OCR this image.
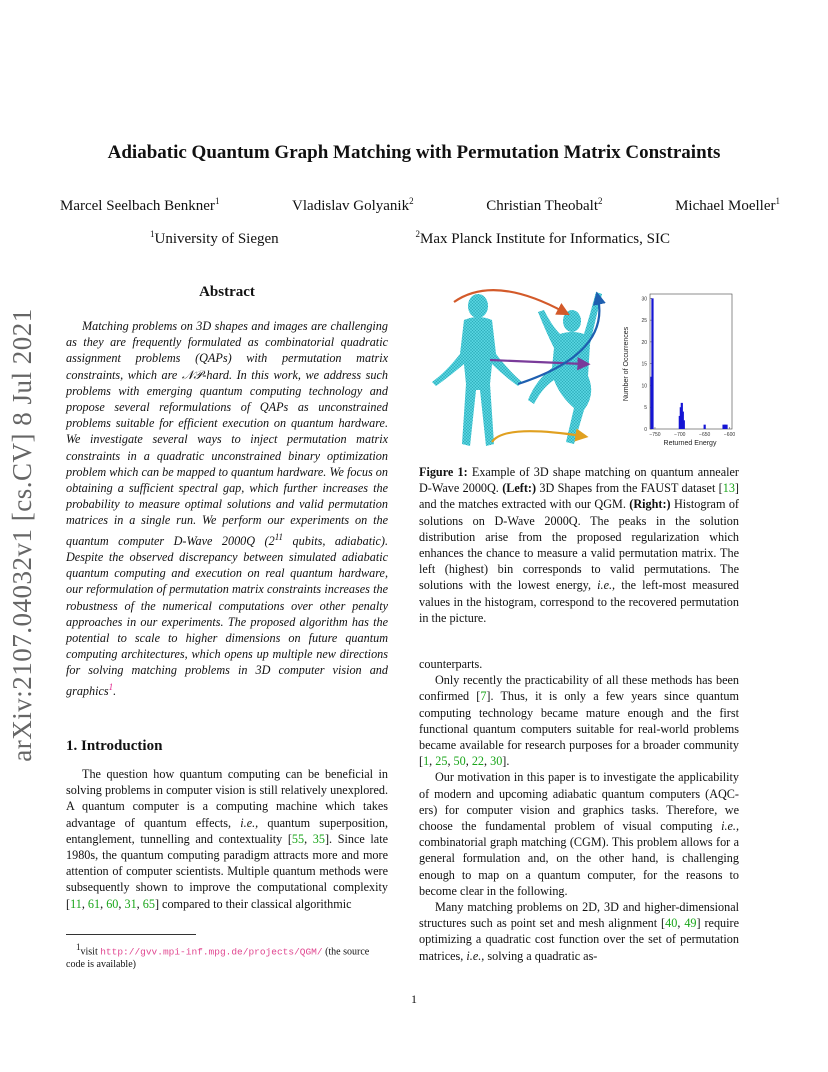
arXiv:2107.04032v1 [cs.CV] 8 Jul 2021
Adiabatic Quantum Graph Matching with Permutation Matrix Constraints
Marcel Seelbach Benkner$^1$	Vladislav Golyanik$^2$	Christian Theobalt$^2$	Michael Moeller$^1$
$^1$University of Siegen	$^2$Max Planck Institute for Informatics, SIC
Abstract

Matching problems on 3D shapes and images are challenging as they are frequently formulated as combinatorial quadratic assignment problems (QAPs) with permutation matrix constraints, which are 𝒩𝒫-hard. In this work, we address such problems with emerging quantum computing technology and propose several reformulations of QAPs as unconstrained problems suitable for efficient execution on quantum hardware. We investigate several ways to inject permutation matrix constraints in a quadratic unconstrained binary optimization problem which can be mapped to quantum hardware. We focus on obtaining a sufficient spectral gap, which further increases the probability to measure optimal solutions and valid permutation matrices in a single run. We perform our experiments on the quantum computer D-Wave 2000Q ($2^{11}$ qubits, adiabatic). Despite the observed discrepancy between simulated adiabatic quantum computing and execution on real quantum hardware, our reformulation of permutation matrix constraints increases the robustness of the numerical computations over other penalty approaches in our experiments. The proposed algorithm has the potential to scale to higher dimensions on future quantum computing architectures, which opens up multiple new directions for solving matching problems in 3D computer vision and graphics$^1$.

1. Introduction

The question how quantum computing can be beneficial in solving problems in computer vision is still relatively unexplored. A quantum computer is a computing machine which takes advantage of quantum effects, i.e., quantum superposition, entanglement, tunnelling and contextuality [55, 35]. Since late 1980s, the quantum computing paradigm attracts more and more attention of computer scientists. Multiple quantum methods were subsequently shown to improve the computational complexity [11, 61, 60, 31, 65] compared to their classical algorithmic

$^1$visit http://gvv.mpi-inf.mpg.de/projects/QGM/ (the source code is available)
Number of Occurrences
Returned Energy
0
5
10
15
20
25
30
−750	−700	−650	−600
Figure 1: Example of 3D shape matching on quantum annealer D-Wave 2000Q. (Left:) 3D Shapes from the FAUST dataset [13] and the matches extracted with our QGM. (Right:) Histogram of solutions on D-Wave 2000Q. The peaks in the solution distribution arise from the proposed regularization which enhances the chance to measure a valid permutation matrix. The left (highest) bin corresponds to valid permutations. The solutions with the lowest energy, i.e., the left-most measured values in the histogram, correspond to the recovered permutation in the picture.

counterparts.

Only recently the practicability of all these methods has been confirmed [7]. Thus, it is only a few years since quantum computing technology became mature enough and the first functional quantum computers suitable for real-world problems became available for research purposes for a broader community [1, 25, 50, 22, 30].

Our motivation in this paper is to investigate the applicability of modern and upcoming adiabatic quantum computers (AQC-ers) for computer vision and graphics tasks. Therefore, we choose the fundamental problem of visual computing i.e., combinatorial graph matching (CGM). This problem allows for a general formulation and, on the other hand, is challenging enough to map on a quantum computer, for the reasons to become clear in the following.

Many matching problems on 2D, 3D and higher-dimensional structures such as point set and mesh alignment [40, 49] require optimizing a quadratic cost function over the set of permutation matrices, i.e., solving a quadratic as-

1
